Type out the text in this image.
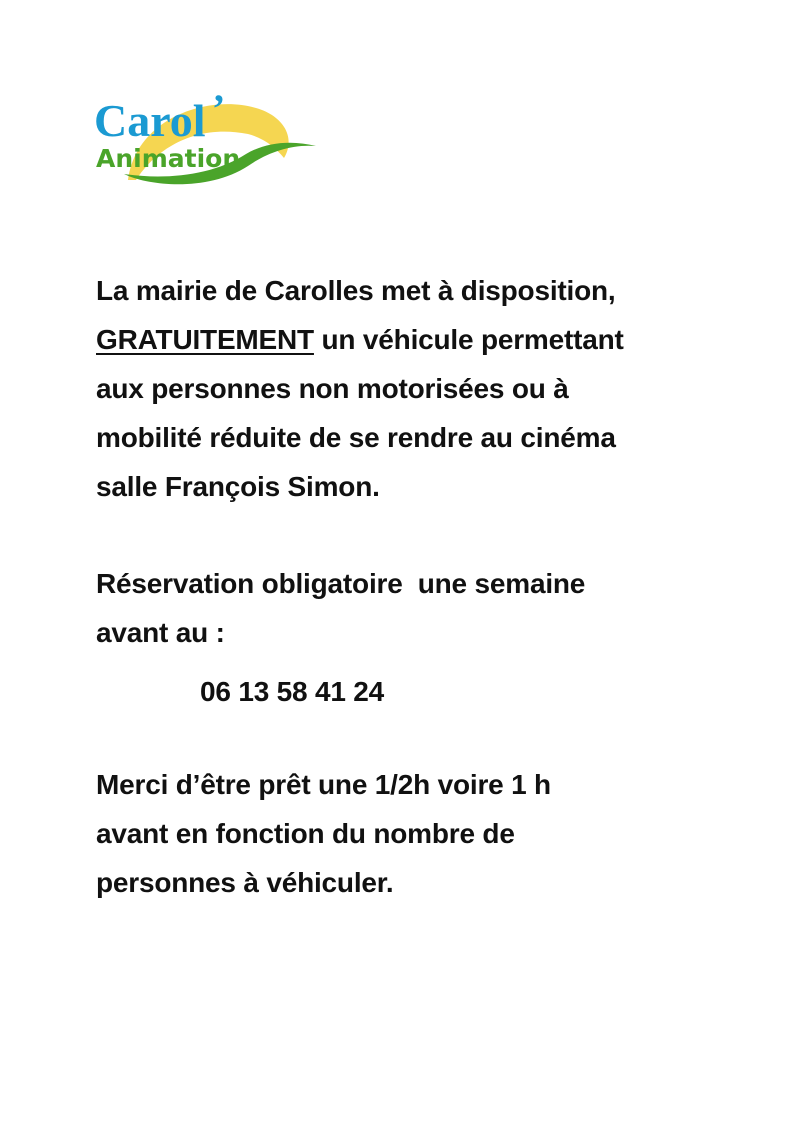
Carol ’
Animation

La mairie de Carolles met à disposition,
GRATUITEMENT un véhicule permettant
aux personnes non motorisées ou à
mobilité réduite de se rendre au cinéma
salle François Simon.

Réservation obligatoire  une semaine
avant au :

06 13 58 41 24

Merci d’être prêt une 1/2h voire 1 h
avant en fonction du nombre de
personnes à véhiculer.
